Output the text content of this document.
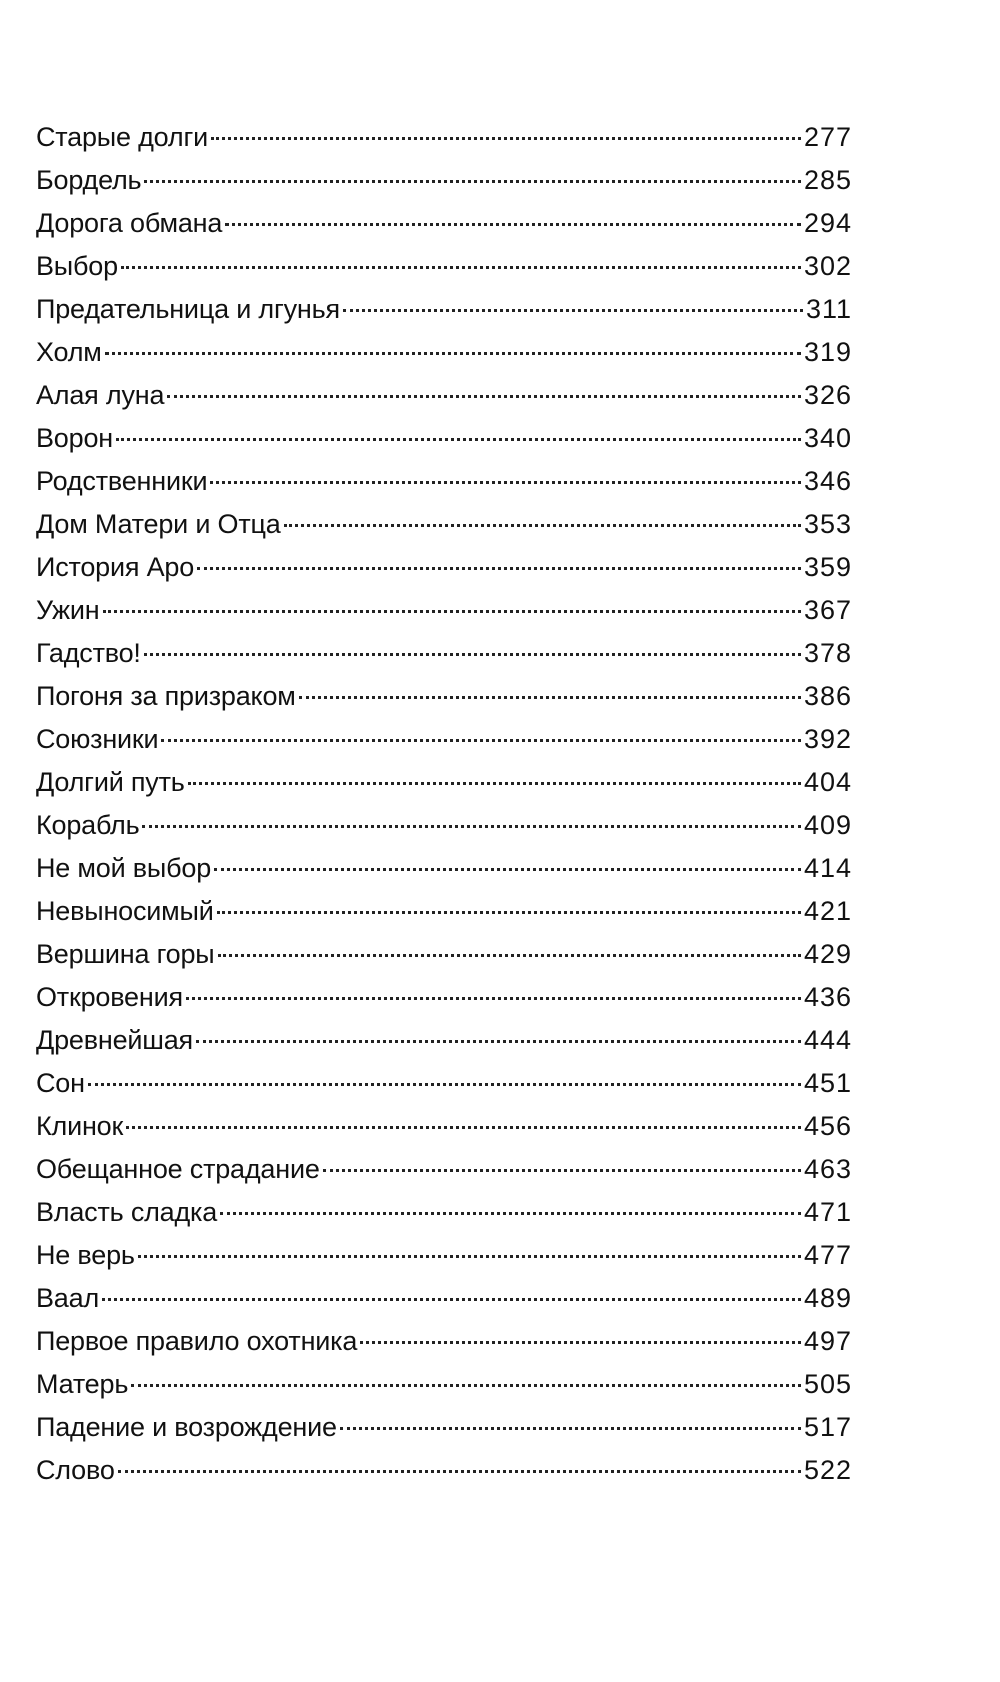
Старые долги	277
Бордель	285
Дорога обмана	294
Выбор	302
Предательница и лгунья	311
Холм	319
Алая луна	326
Ворон	340
Родственники	346
Дом Матери и Отца	353
История Аро	359
Ужин	367
Гадство!	378
Погоня за призраком	386
Союзники	392
Долгий путь	404
Корабль	409
Не мой выбор	414
Невыносимый	421
Вершина горы	429
Откровения	436
Древнейшая	444
Сон	451
Клинок	456
Обещанное страдание	463
Власть сладка	471
Не верь	477
Ваал	489
Первое правило охотника	497
Матерь	505
Падение и возрождение	517
Слово	522
